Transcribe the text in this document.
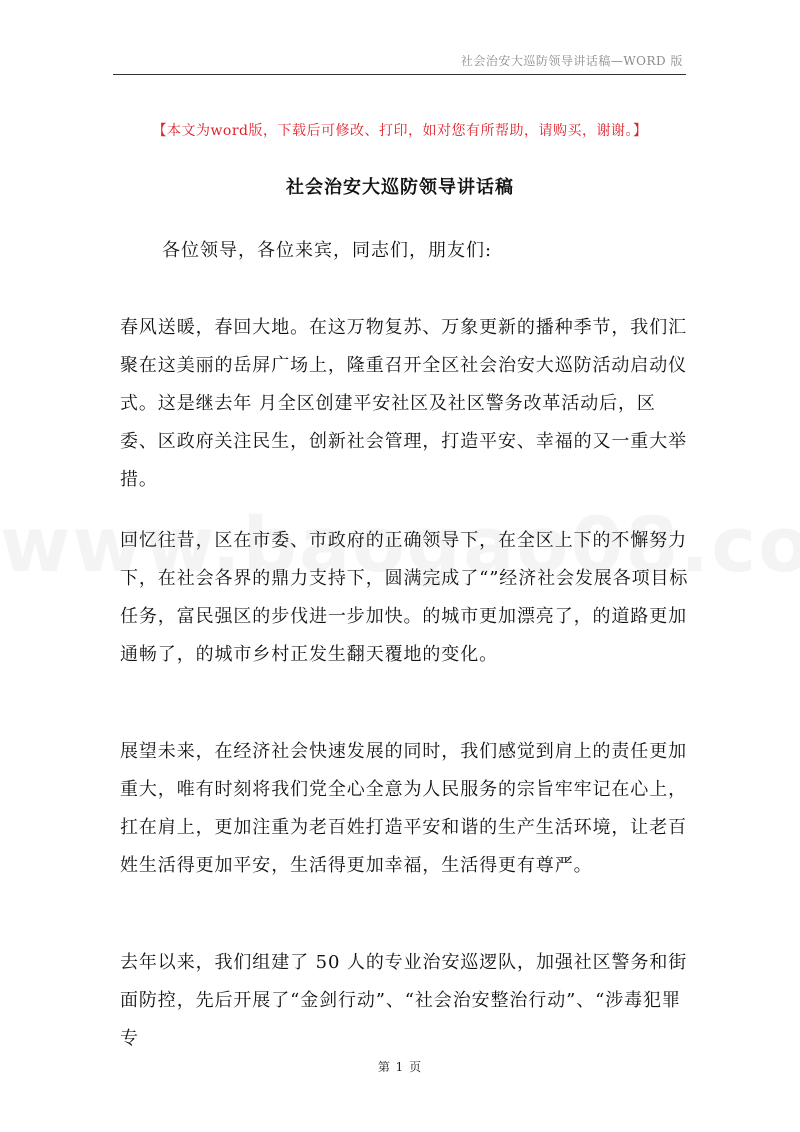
社会治安大巡防领导讲话稿—WORD 版
【本文为word版，下载后可修改、打印，如对您有所帮助，请购买，谢谢。】
社会治安大巡防领导讲话稿
各位领导，各位来宾，同志们，朋友们:

春风送暖，春回大地。在这万物复苏、万象更新的播种季节，我们汇聚在这美丽的岳屏广场上，隆重召开全区社会治安大巡防活动启动仪式。这是继去年 月全区创建平安社区及社区警务改革活动后，区委、区政府关注民生，创新社会管理，打造平安、幸福的又一重大举措。

回忆往昔，区在市委、市政府的正确领导下，在全区上下的不懈努力下，在社会各界的鼎力支持下，圆满完成了“”经济社会发展各项目标任务，富民强区的步伐进一步加快。的城市更加漂亮了，的道路更加通畅了，的城市乡村正发生翻天覆地的变化。

展望未来，在经济社会快速发展的同时，我们感觉到肩上的责任更加重大，唯有时刻将我们党全心全意为人民服务的宗旨牢牢记在心上，扛在肩上，更加注重为老百姓打造平安和谐的生产生活环境，让老百姓生活得更加平安，生活得更加幸福，生活得更有尊严。

去年以来，我们组建了 50 人的专业治安巡逻队，加强社区警务和街面防控，先后开展了“金剑行动”、“社会治安整治行动”、“涉毒犯罪专

第 1 页
